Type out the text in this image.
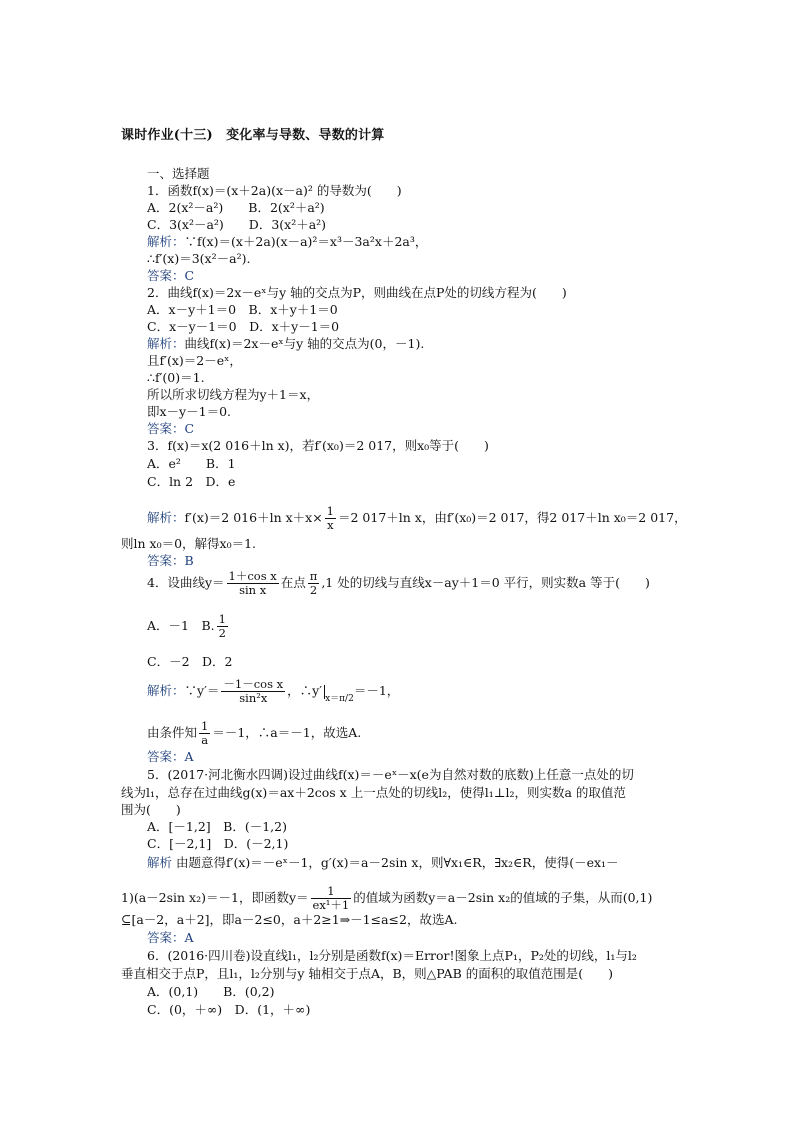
课时作业(十三)　变化率与导数、导数的计算
一、选择题
1．函数f(x)＝(x＋2a)(x－a)² 的导数为(　　)
A．2(x²－a²)　　B．2(x²＋a²)
C．3(x²－a²)　　D．3(x²＋a²)
解析：∵f(x)＝(x＋2a)(x－a)²＝x³－3a²x＋2a³，
∴f′(x)＝3(x²－a²).
答案：C
2．曲线f(x)＝2x－eˣ与y 轴的交点为P，则曲线在点P处的切线方程为(　　)
A．x－y＋1＝0　B．x＋y＋1＝0
C．x－y－1＝0　D．x＋y－1＝0
解析：曲线f(x)＝2x－eˣ与y 轴的交点为(0，－1).
且f′(x)＝2－eˣ，
∴f′(0)＝1.
所以所求切线方程为y＋1＝x，
即x－y－1＝0.
答案：C
3．f(x)＝x(2 016＋ln x)，若f′(x₀)＝2 017，则x₀等于(　　)
A．e²　　B．1
C．ln 2　D．e
解析：f′(x)＝2 016＋ln $x+x\times \frac{1}{x} =2$ 017＋ln x，由f′(x₀)＝2 017，得2 017＋ln x₀＝2 017，
则ln x₀＝0，解得x₀＝1.
答案：B
4．设曲线$y= \frac{\text{1＋cos x}}{\text{sin x}}$ 在点 $\frac{\pi}{2} ,1$ 处的切线与直线x－ay＋1＝0 平行，则实数a 等于(　　)
A．－1　B. $\frac{1}{2}$
C．－2　D．2
解析：∵y′＝ $\frac{\text{－1－cos x}}{\text{sin²x}}$ ，$\therefore y'_{x=\pi/2}=-1$，
由条件知 $\frac{1}{a} =-1$，∴a＝－1，故选A.
答案：A
5．(2017·河北衡水四调)设过曲线f(x)＝－eˣ－x(e为自然对数的底数)上任意一点处的切
线为l₁，总存在过曲线g(x)＝ax＋2cos x 上一点处的切线l₂，使得l₁⊥l₂，则实数a 的取值范
围为(　　)
A．[－1,2]　B．(－1,2)
C．[－2,1]　D．(－2,1)
解析 由题意得f′(x)＝－eˣ－1，g′(x)＝a－2sin x，则∀x₁∈R，∃x₂∈R，使得(－ex₁－
1)(a－2sin x₂)＝－1，即函数$y= \frac{1}{\text{ex¹＋1}}$ 的值域为函数y＝a－2sin x₂的值域的子集，从而(0,1)
⊆[a－2，a＋2]，即a－2≤0，a＋2≥1⇒－1≤a≤2，故选A.
答案：A
6．(2016·四川卷)设直线l₁，l₂分别是函数f(x)＝Error!图象上点P₁，P₂处的切线，l₁与l₂
垂直相交于点P，且l₁，l₂分别与y 轴相交于点A，B，则△PAB 的面积的取值范围是(　　)
A．(0,1)　　B．(0,2)
C．(0，＋∞)　D．(1，＋∞)
